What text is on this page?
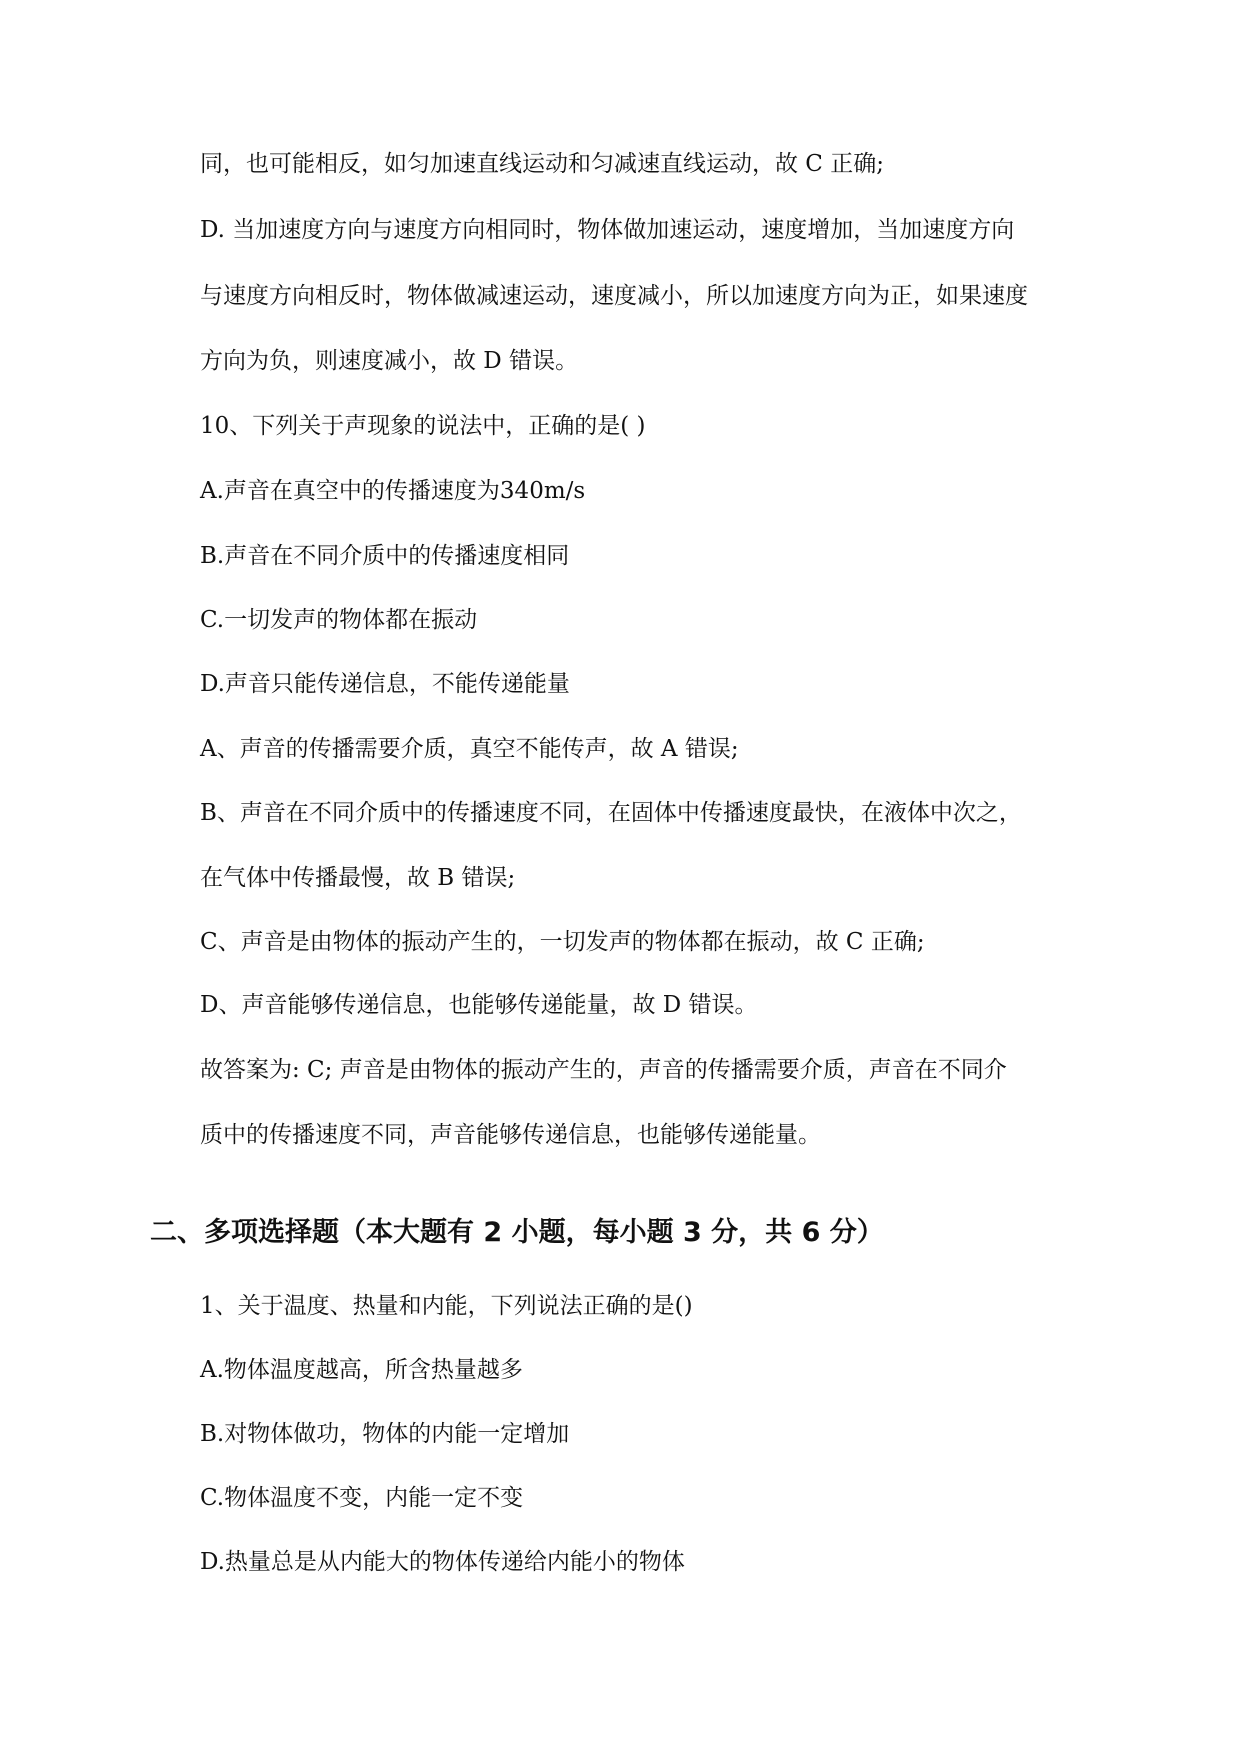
同，也可能相反，如匀加速直线运动和匀减速直线运动，故 C 正确;
D. 当加速度方向与速度方向相同时，物体做加速运动，速度增加，当加速度方向
与速度方向相反时，物体做减速运动，速度减小，所以加速度方向为正，如果速度
方向为负，则速度减小，故 D 错误。
10、下列关于声现象的说法中，正确的是( )
A.声音在真空中的传播速度为340m/s
B.声音在不同介质中的传播速度相同
C.一切发声的物体都在振动
D.声音只能传递信息，不能传递能量
A、声音的传播需要介质，真空不能传声，故 A 错误;
B、声音在不同介质中的传播速度不同，在固体中传播速度最快，在液体中次之，
在气体中传播最慢，故 B 错误;
C、声音是由物体的振动产生的，一切发声的物体都在振动，故 C 正确;
D、声音能够传递信息，也能够传递能量，故 D 错误。
故答案为: C; 声音是由物体的振动产生的，声音的传播需要介质，声音在不同介
质中的传播速度不同，声音能够传递信息，也能够传递能量。
二、多项选择题（本大题有 2 小题，每小题 3 分，共 6 分）
1、关于温度、热量和内能，下列说法正确的是()
A.物体温度越高，所含热量越多
B.对物体做功，物体的内能一定增加
C.物体温度不变，内能一定不变
D.热量总是从内能大的物体传递给内能小的物体
